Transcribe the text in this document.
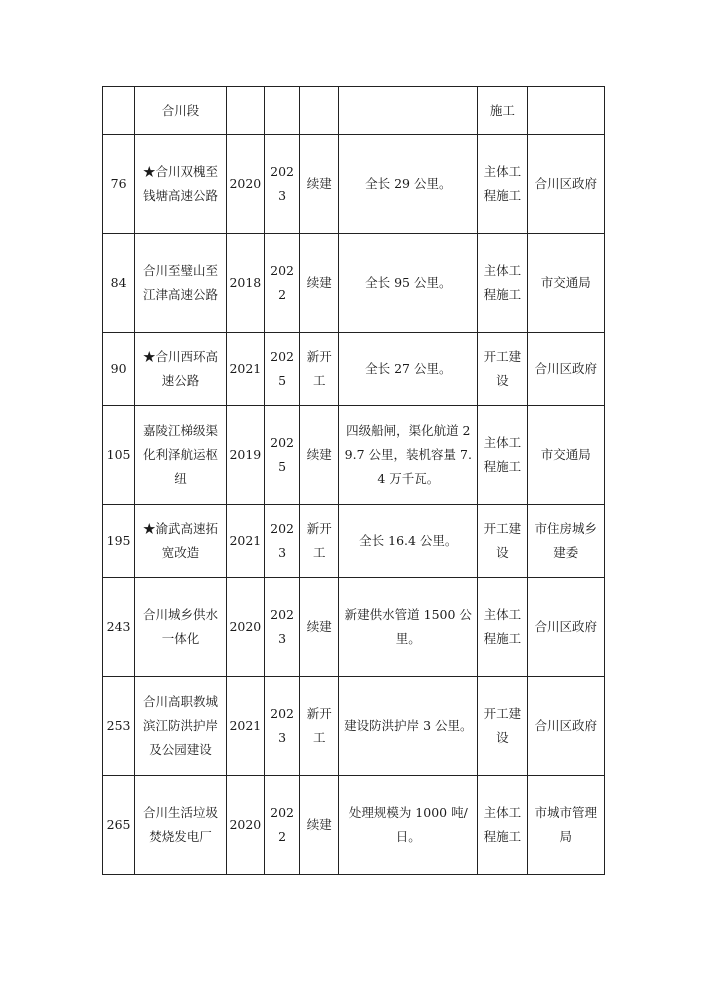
	合川段					施工	
76	★合川双槐至钱塘高速公路	2020	2023	续建	全长 29 公里。	主体工程施工	合川区政府
84	合川至璧山至江津高速公路	2018	2022	续建	全长 95 公里。	主体工程施工	市交通局
90	★合川西环高速公路	2021	2025	新开工	全长 27 公里。	开工建设	合川区政府
105	嘉陵江梯级渠化利泽航运枢纽	2019	2025	续建	四级船闸，渠化航道 29.7 公里，装机容量 7.4 万千瓦。	主体工程施工	市交通局
195	★渝武高速拓宽改造	2021	2023	新开工	全长 16.4 公里。	开工建设	市住房城乡建委
243	合川城乡供水一体化	2020	2023	续建	新建供水管道 1500 公里。	主体工程施工	合川区政府
253	合川高职教城滨江防洪护岸及公园建设	2021	2023	新开工	建设防洪护岸 3 公里。	开工建设	合川区政府
265	合川生活垃圾焚烧发电厂	2020	2022	续建	处理规模为 1000 吨/日。	主体工程施工	市城市管理局
